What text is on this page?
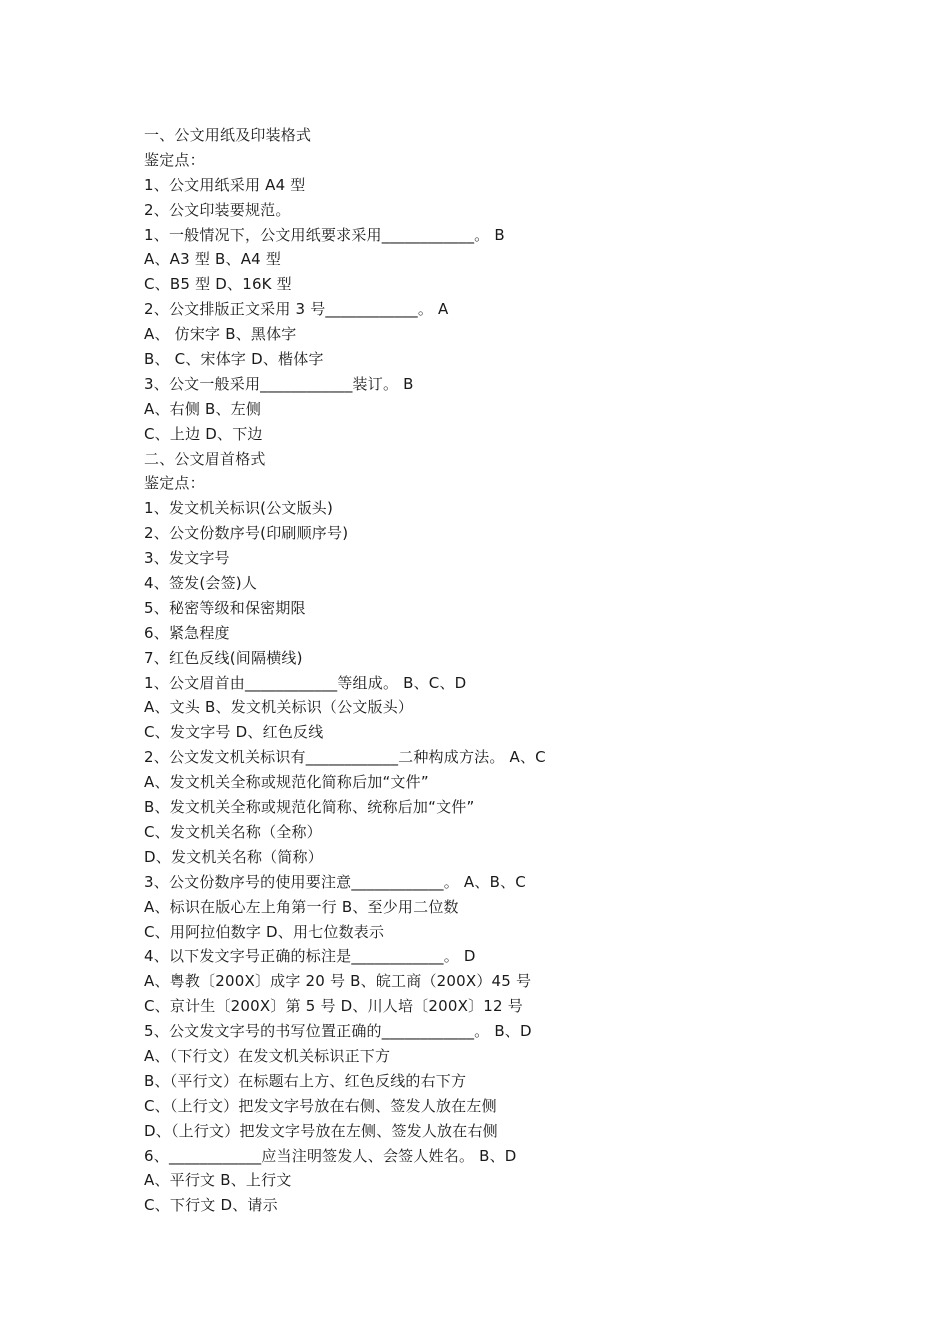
一、公文用纸及印装格式
鉴定点：
1、公文用纸采用 A4 型
2、公文印装要规范。
1、一般情况下，公文用纸要求采用____________。 B
A、A3 型 B、A4 型
C、B5 型 D、16K 型
2、公文排版正文采用 3 号____________。 A
A、 仿宋字 B、黑体字
B、 C、宋体字 D、楷体字
3、公文一般采用____________装订。 B
A、右侧 B、左侧
C、上边 D、下边
二、公文眉首格式
鉴定点：
1、发文机关标识(公文版头)
2、公文份数序号(印刷顺序号)
3、发文字号
4、签发(会签)人
5、秘密等级和保密期限
6、紧急程度
7、红色反线(间隔横线)
1、公文眉首由____________等组成。 B、C、D
A、文头 B、发文机关标识（公文版头）
C、发文字号 D、红色反线
2、公文发文机关标识有____________二种构成方法。 A、C
A、发文机关全称或规范化简称后加“文件”
B、发文机关全称或规范化简称、统称后加“文件”
C、发文机关名称（全称）
D、发文机关名称（简称）
3、公文份数序号的使用要注意____________。 A、B、C
A、标识在版心左上角第一行 B、至少用二位数
C、用阿拉伯数字 D、用七位数表示
4、以下发文字号正确的标注是____________。 D
A、粤教〔200X〕成字 20 号 B、皖工商（200X）45 号
C、京计生〔200X〕第 5 号 D、川人培〔200X〕12 号
5、公文发文字号的书写位置正确的____________。 B、D
A、（下行文）在发文机关标识正下方
B、（平行文）在标题右上方、红色反线的右下方
C、（上行文）把发文字号放在右侧、签发人放在左侧
D、（上行文）把发文字号放在左侧、签发人放在右侧
6、____________应当注明签发人、会签人姓名。 B、D
A、平行文 B、上行文
C、下行文 D、请示
